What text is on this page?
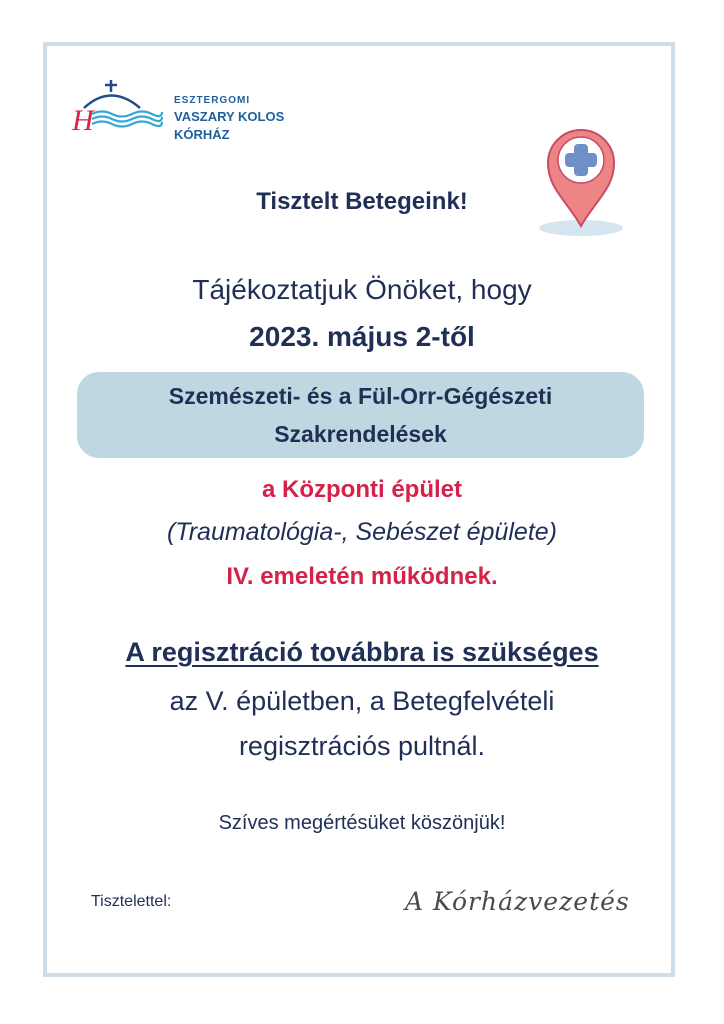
H
ESZTERGOMI
VASZARY KOLOS
KÓRHÁZ
Tisztelt Betegeink!
Tájékoztatjuk Önöket, hogy
2023. május 2-től
Szemészeti- és a Fül-Orr-Gégészeti
Szakrendelések
a Központi épület
(Traumatológia-, Sebészet épülete)
IV. emeletén működnek.
A regisztráció továbbra is szükséges
az V. épületben, a Betegfelvételi
regisztrációs pultnál.
Szíves megértésüket köszönjük!
Tisztelettel:	A Kórházvezetés
